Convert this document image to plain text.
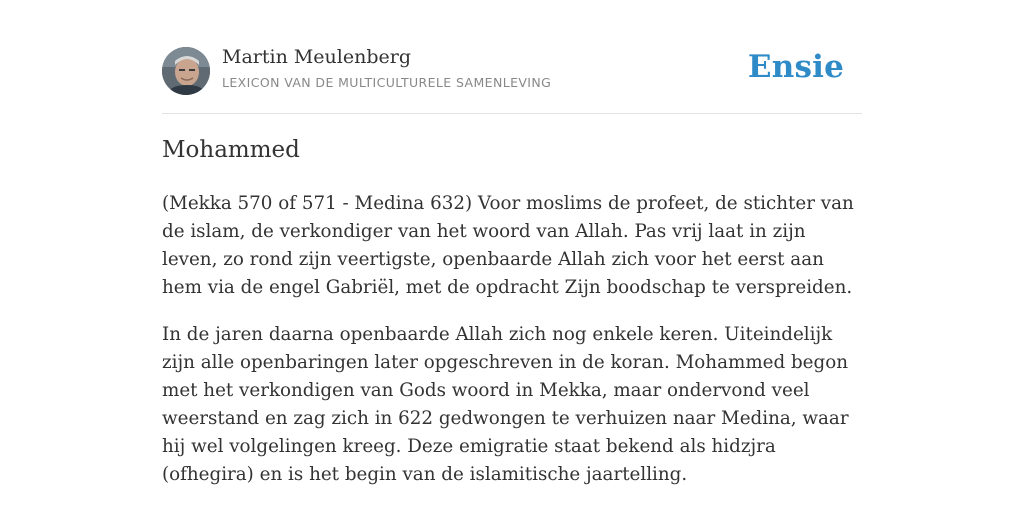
Martin Meulenberg
LEXICON VAN DE MULTICULTURELE SAMENLEVING	Ensie
Mohammed

(Mekka 570 of 571 - Medina 632) Voor moslims de profeet, de stichter van de islam, de verkondiger van het woord van Allah. Pas vrij laat in zijn leven, zo rond zijn veertigste, openbaarde Allah zich voor het eerst aan hem via de engel Gabriël, met de opdracht Zijn boodschap te verspreiden.

In de jaren daarna openbaarde Allah zich nog enkele keren. Uiteindelijk zijn alle openbaringen later opgeschreven in de koran. Mohammed begon met het verkondigen van Gods woord in Mekka, maar ondervond veel weerstand en zag zich in 622 gedwongen te verhuizen naar Medina, waar hij wel volgelingen kreeg. Deze emigratie staat bekend als hidzjra (ofhegira) en is het begin van de islamitische jaartelling.
